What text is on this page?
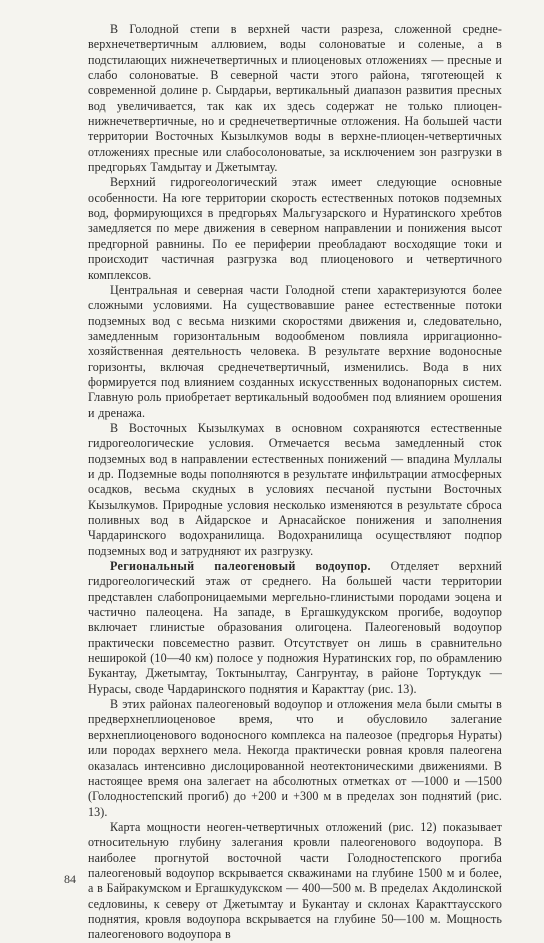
В Голодной степи в верхней части разреза, сложенной средне-верхнечетвертичным аллювием, воды солоноватые и соленые, а в подстилающих нижнечетвертичных и плиоценовых отложениях — пресные и слабо солоноватые. В северной части этого района, тяготеющей к современной долине р. Сырдарьи, вертикальный диапазон развития пресных вод увеличивается, так как их здесь содержат не только плиоцен-нижнечетвертичные, но и среднечетвертичные отложения. На большей части территории Восточных Кызылкумов воды в верхне-плиоцен-четвертичных отложениях пресные или слабосолоноватые, за исключением зон разгрузки в предгорьях Тамдытау и Джетымтау.

Верхний гидрогеологический этаж имеет следующие основные особенности. На юге территории скорость естественных потоков подземных вод, формирующихся в предгорьях Мальгузарского и Нуратинского хребтов замедляется по мере движения в северном направлении и понижения высот предгорной равнины. По ее периферии преобладают восходящие токи и происходит частичная разгрузка вод плиоценового и четвертичного комплексов.

Центральная и северная части Голодной степи характеризуются более сложными условиями. На существовавшие ранее естественные потоки подземных вод с весьма низкими скоростями движения и, следовательно, замедленным горизонтальным водообменом повлияла ирригационно-хозяйственная деятельность человека. В результате верхние водоносные горизонты, включая среднечетвертичный, изменились. Вода в них формируется под влиянием созданных искусственных водонапорных систем. Главную роль приобретает вертикальный водообмен под влиянием орошения и дренажа.

В Восточных Кызылкумах в основном сохраняются естественные гидрогеологические условия. Отмечается весьма замедленный сток подземных вод в направлении естественных понижений — впадина Муллалы и др. Подземные воды пополняются в результате инфильтрации атмосферных осадков, весьма скудных в условиях песчаной пустыни Восточных Кызылкумов. Природные условия несколько изменяются в результате сброса поливных вод в Айдарское и Арнасайское понижения и заполнения Чардаринского водохранилища. Водохранилища осуществляют подпор подземных вод и затрудняют их разгрузку.

Региональный палеогеновый водоупор. Отделяет верхний гидрогеологический этаж от среднего. На большей части территории представлен слабопроницаемыми мергельно-глинистыми породами эоцена и частично палеоцена. На западе, в Ергашкудукском прогибе, водоупор включает глинистые образования олигоцена. Палеогеновый водоупор практически повсеместно развит. Отсутствует он лишь в сравнительно неширокой (10—40 км) полосе у подножия Нуратинских гор, по обрамлению Букантау, Джетымтау, Токтынылтау, Сангрунтау, в районе Тортукдук — Нурасы, своде Чардаринского поднятия и Каракттау (рис. 13).

В этих районах палеогеновый водоупор и отложения мела были смыты в предверхнеплиоценовое время, что и обусловило залегание верхнеплиоценового водоносного комплекса на палеозое (предгорья Нураты) или породах верхнего мела. Некогда практически ровная кровля палеогена оказалась интенсивно дислоцированной неотектоническими движениями. В настоящее время она залегает на абсолютных отметках от —1000 и —1500 (Голодностепский прогиб) до +200 и +300 м в пределах зон поднятий (рис. 13).

Карта мощности неоген-четвертичных отложений (рис. 12) показывает относительную глубину залегания кровли палеогенового водоупора. В наиболее прогнутой восточной части Голодностепского прогиба палеогеновый водоупор вскрывается скважинами на глубине 1500 м и более, а в Байракумском и Ергашкудукском — 400—500 м. В пределах Акдолинской седловины, к северу от Джетымтау и Букантау и склонах Каракттаусского поднятия, кровля водоупора вскрывается на глубине 50—100 м. Мощность палеогенового водоупора в

84
